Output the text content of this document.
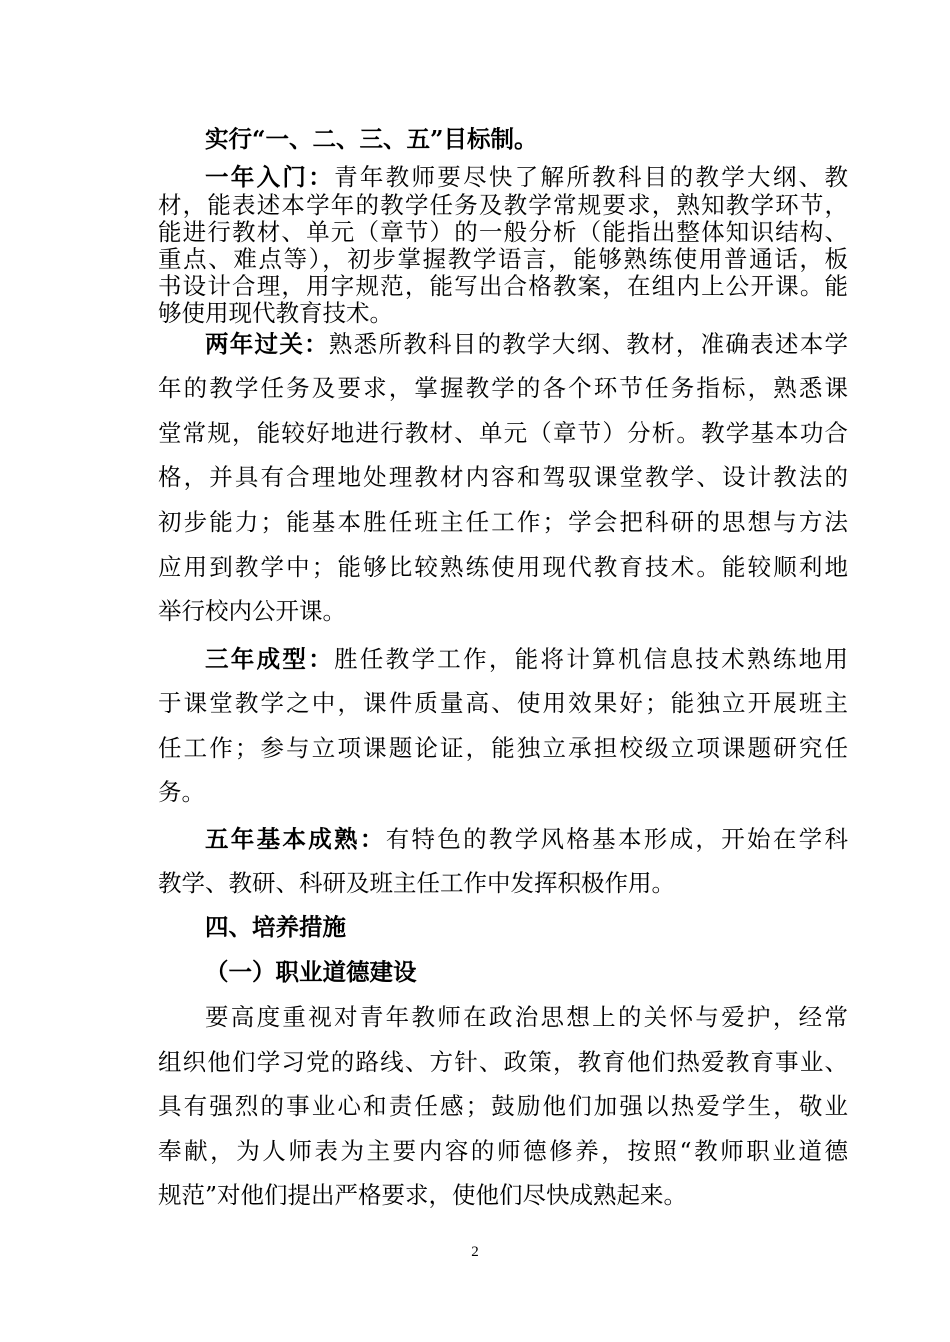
实行“一、二、三、五”目标制。
一年入门：青年教师要尽快了解所教科目的教学大纲、教
材，能表述本学年的教学任务及教学常规要求，熟知教学环节，
能进行教材、单元（章节）的一般分析（能指出整体知识结构、
重点、难点等），初步掌握教学语言，能够熟练使用普通话，板
书设计合理，用字规范，能写出合格教案，在组内上公开课。能
够使用现代教育技术。
两年过关：熟悉所教科目的教学大纲、教材，准确表述本学
年的教学任务及要求，掌握教学的各个环节任务指标，熟悉课
堂常规，能较好地进行教材、单元（章节）分析。教学基本功合
格，并具有合理地处理教材内容和驾驭课堂教学、设计教法的
初步能力；能基本胜任班主任工作；学会把科研的思想与方法
应用到教学中；能够比较熟练使用现代教育技术。能较顺利地
举行校内公开课。
三年成型：胜任教学工作，能将计算机信息技术熟练地用
于课堂教学之中，课件质量高、使用效果好；能独立开展班主
任工作；参与立项课题论证，能独立承担校级立项课题研究任
务。
五年基本成熟：有特色的教学风格基本形成，开始在学科
教学、教研、科研及班主任工作中发挥积极作用。
四、培养措施
（一）职业道德建设
要高度重视对青年教师在政治思想上的关怀与爱护，经常
组织他们学习党的路线、方针、政策，教育他们热爱教育事业、
具有强烈的事业心和责任感；鼓励他们加强以热爱学生，敬业
奉献，为人师表为主要内容的师德修养，按照“教师职业道德
规范”对他们提出严格要求，使他们尽快成熟起来。
2
